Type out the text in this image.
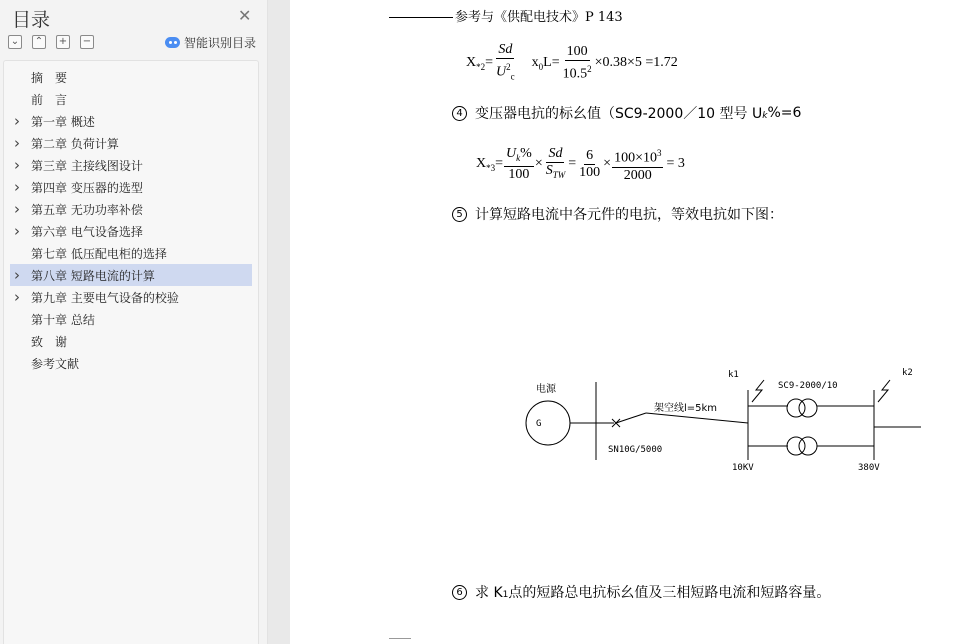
目录	✕
⌄ ⌃ + −	智能识别目录
摘　要
前　言
› 第一章 概述
› 第二章 负荷计算
› 第三章 主接线图设计
› 第四章 变压器的选型
› 第五章 无功功率补偿
› 第六章 电气设备选择
第七章 低压配电柜的选择
› 第八章 短路电流的计算
› 第九章 主要电气设备的校验
第十章 总结
致　谢
参考文献
参考与《供配电技术》P 143
$X_{*2} = \frac{Sd}{U^2_c} x_0$ $L= \frac{100}{10.5^2} \times 0.38\times 5 =1.72$
4 变压器电抗的标幺值（SC9-2000／10 型号 $U_k$ %=6
$X_{*3} = \frac{U_k\%}{100} \times \frac{Sd}{S_{TW}} = \frac{6}{100} \times \frac{100\times 10^3}{2000} = 3$
5 计算短路电流中各元件的电抗，等效电抗如下图：
电源
G
SN10G/5000
架空线l=5km
k1
SC9-2000/10
k2
10KV	380V
6 求 $K_1$ 点的短路总电抗标幺值及三相短路电流和短路容量。
